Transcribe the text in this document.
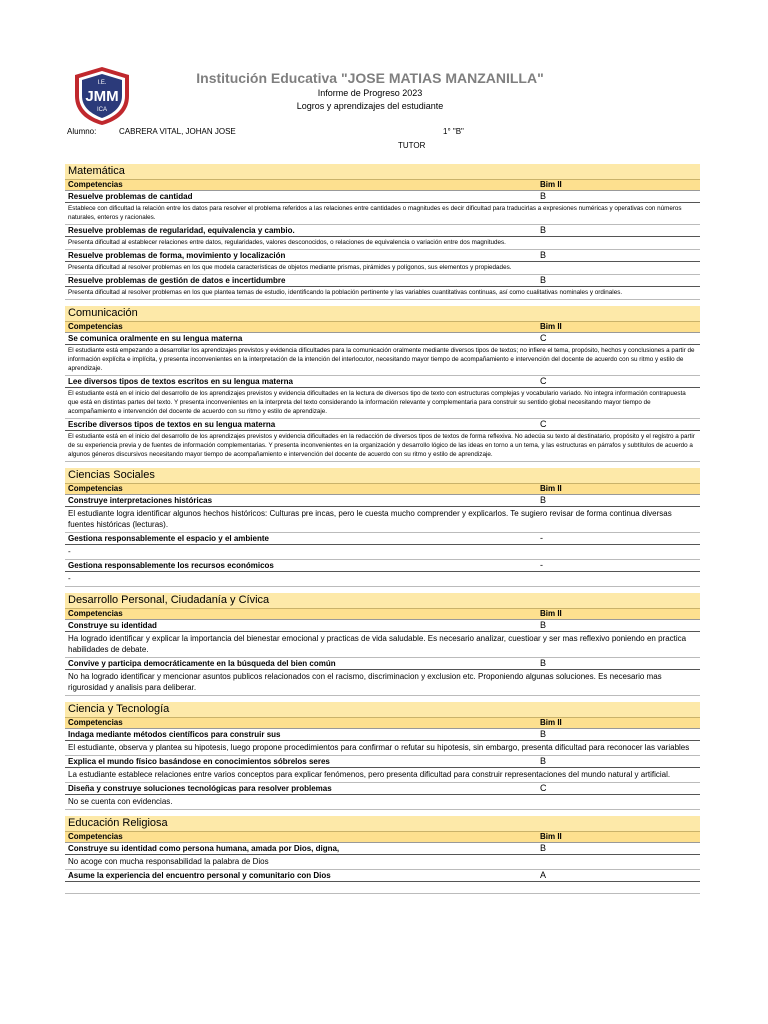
I.E.
JMM
ICA
Institución Educativa "JOSE MATIAS MANZANILLA"
Informe de Progreso 2023
Logros y aprendizajes del estudiante
Alumno:	CABRERA VITAL, JOHAN JOSE	1° "B"
TUTOR
Matemática
Competencias	Bim II
Resuelve problemas de cantidad	B
Establece con dificultad la relación entre los datos para resolver el problema referidos a las relaciones entre cantidades o magnitudes es decir dificultad para traducirlas a expresiones numéricas y operativas con números naturales, enteros y racionales.
Resuelve problemas de regularidad, equivalencia y cambio.	B
Presenta dificultad al establecer relaciones entre datos, regularidades, valores desconocidos, o relaciones de equivalencia o variación entre dos magnitudes.
Resuelve problemas de forma, movimiento y localización	B
Presenta dificultad al resolver problemas en los que modela características de objetos mediante prismas, pirámides y polígonos, sus elementos y propiedades.
Resuelve problemas de gestión de datos e incertidumbre	B
Presenta dificultad al resolver problemas en los que plantea temas de estudio, identificando la población pertinente y las variables cuantitativas continuas, así como cualitativas nominales y ordinales.
Comunicación
Competencias	Bim II
Se comunica oralmente en su lengua materna	C
El estudiante está empezando a desarrollar los aprendizajes previstos y evidencia dificultades para la comunicación oralmente mediante diversos tipos de textos; no infiere el tema, propósito, hechos y conclusiones a partir de información explícita e implícita, y presenta inconvenientes en la interpretación de la intención del interlocutor, necesitando mayor tiempo de acompañamiento e intervención del docente de acuerdo con su ritmo y estilo de aprendizaje.
Lee diversos tipos de textos escritos en su lengua materna	C
El estudiante está en el inicio del desarrollo de los aprendizajes previstos y evidencia dificultades en la lectura de diversos tipo de texto con estructuras complejas y vocabulario variado. No integra información contrapuesta que está en distintas partes del texto. Y presenta inconvenientes en la interpreta del texto considerando la información relevante y complementaria para construir su sentido global necesitando mayor tiempo de acompañamiento e intervención del docente de acuerdo con su ritmo y estilo de aprendizaje.
Escribe diversos tipos de textos en su lengua materna	C
El estudiante está en el inicio del desarrollo de los aprendizajes previstos y evidencia dificultades en la redacción de diversos tipos de textos de forma reflexiva. No adecúa su texto al destinatario, propósito y el registro a partir de su experiencia previa y de fuentes de información complementarias. Y presenta inconvenientes en la organización y desarrollo lógico de las ideas en torno a un tema, y las estructuras en párrafos y subtítulos de acuerdo a algunos géneros discursivos necesitando mayor tiempo de acompañamiento e intervención del docente de acuerdo con su ritmo y estilo de aprendizaje.
Ciencias Sociales
Competencias	Bim II
Construye interpretaciones históricas	B
El estudiante logra identificar algunos hechos históricos: Culturas pre incas, pero le cuesta mucho comprender y explicarlos. Te sugiero revisar de forma continua diversas fuentes históricas (lecturas).
Gestiona responsablemente el espacio y el ambiente	-
-
Gestiona responsablemente los recursos económicos	-
-
Desarrollo Personal, Ciudadanía y Cívica
Competencias	Bim II
Construye su identidad	B
Ha logrado identificar y explicar la importancia del bienestar emocional y practicas de vida saludable. Es necesario analizar, cuestioar y ser mas reflexivo poniendo en practica habilidades de debate.
Convive y participa democráticamente en la búsqueda del bien común	B
No ha logrado identificar y mencionar asuntos publicos relacionados con el racismo, discriminacion y exclusion etc. Proponiendo algunas soluciones. Es necesario mas rigurosidad y analisis para deliberar.
Ciencia y Tecnología
Competencias	Bim II
Indaga mediante métodos científicos para construir sus	B
El estudiante, observa y plantea su hipotesis, luego propone procedimientos para confirmar o refutar su hipotesis, sin embargo, presenta dificultad para reconocer las variables
Explica el mundo físico basándose en conocimientos sóbrelos seres	B
La estudiante establece relaciones entre varios conceptos para explicar fenómenos, pero presenta dificultad para construir representaciones del mundo natural y artificial.
Diseña y construye soluciones tecnológicas para resolver problemas	C
No se cuenta con evidencias.
Educación Religiosa
Competencias	Bim II
Construye su identidad como persona humana, amada por Dios, digna,	B
No acoge con mucha responsabilidad la palabra de Dios
Asume la experiencia del encuentro personal y comunitario con Dios	A
